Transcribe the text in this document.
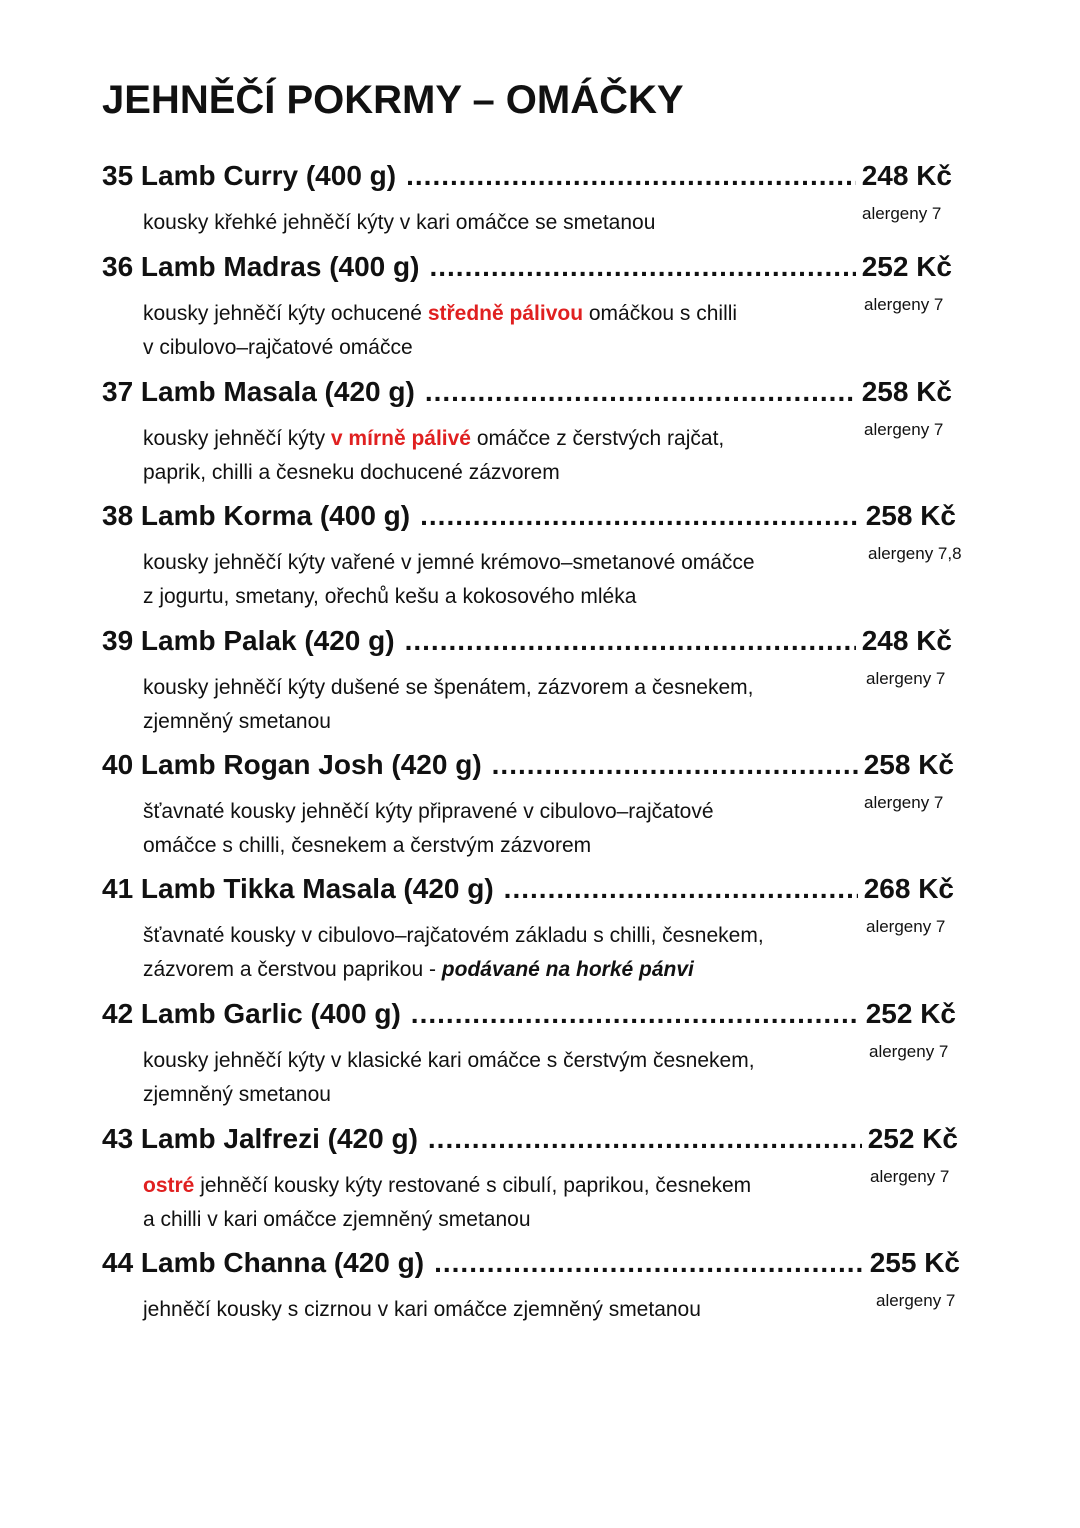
JEHNĚČÍ POKRMY – OMÁČKY
35 Lamb Curry (400 g) .....	248 Kč
alergeny 7
kousky křehké jehněčí kýty v kari omáčce se smetanou
36 Lamb Madras (400 g) .....	252 Kč
alergeny 7
kousky jehněčí kýty ochucené středně pálivou omáčkou s chilli
v cibulovo–rajčatové omáčce
37 Lamb Masala (420 g) .....	258 Kč
alergeny 7
kousky jehněčí kýty v mírně pálivé omáčce z čerstvých rajčat,
paprik, chilli a česneku dochucené zázvorem
38 Lamb Korma (400 g) .....	258 Kč
alergeny 7,8
kousky jehněčí kýty vařené v jemné krémovo–smetanové omáčce
z jogurtu, smetany, ořechů kešu a kokosového mléka
39 Lamb Palak (420 g) .....	248 Kč
alergeny 7
kousky jehněčí kýty dušené se špenátem, zázvorem a česnekem,
zjemněný smetanou
40 Lamb Rogan Josh (420 g) .....	258 Kč
alergeny 7
šťavnaté kousky jehněčí kýty připravené v cibulovo–rajčatové
omáčce s chilli, česnekem a čerstvým zázvorem
41 Lamb Tikka Masala (420 g) .....	268 Kč
alergeny 7
šťavnaté kousky v cibulovo–rajčatovém základu s chilli, česnekem,
zázvorem a čerstvou paprikou - podávané na horké pánvi
42 Lamb Garlic (400 g) .....	252 Kč
alergeny 7
kousky jehněčí kýty v klasické kari omáčce s čerstvým česnekem,
zjemněný smetanou
43 Lamb Jalfrezi (420 g) .....	252 Kč
alergeny 7
ostré jehněčí kousky kýty restované s cibulí, paprikou, česnekem
a chilli v kari omáčce zjemněný smetanou
44 Lamb Channa (420 g) .....	255 Kč
alergeny 7
jehněčí kousky s cizrnou v kari omáčce zjemněný smetanou
